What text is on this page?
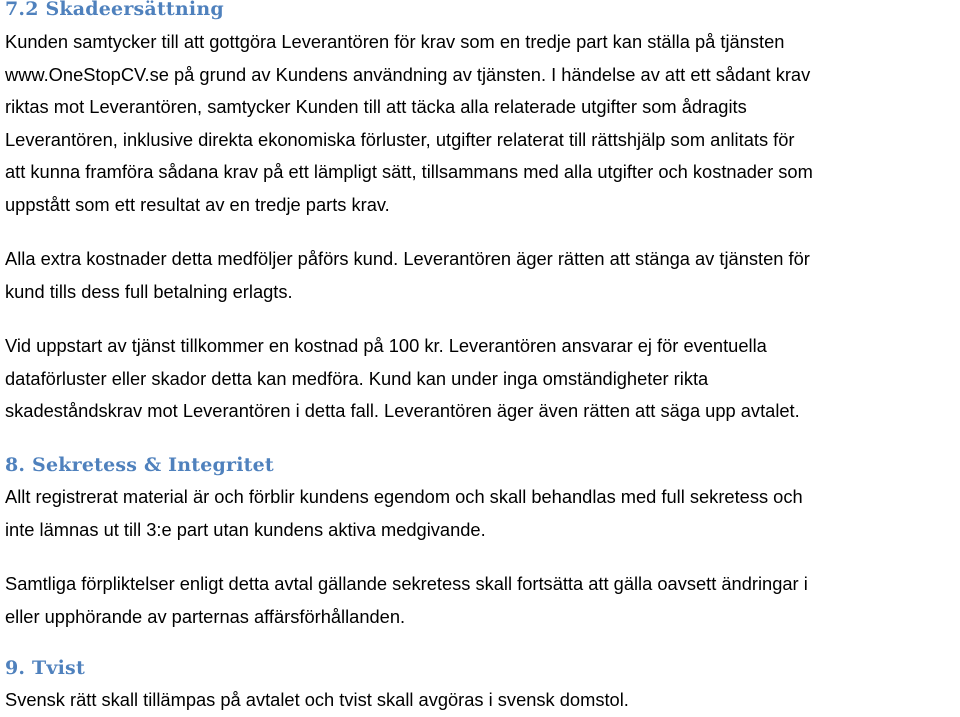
7.2 Skadeersättning
Kunden samtycker till att gottgöra Leverantören för krav som en tredje part kan ställa på tjänsten
www.OneStopCV.se på grund av Kundens användning av tjänsten. I händelse av att ett sådant krav
riktas mot Leverantören, samtycker Kunden till att täcka alla relaterade utgifter som ådragits
Leverantören, inklusive direkta ekonomiska förluster, utgifter relaterat till rättshjälp som anlitats för
att kunna framföra sådana krav på ett lämpligt sätt, tillsammans med alla utgifter och kostnader som
uppstått som ett resultat av en tredje parts krav.
Alla extra kostnader detta medföljer påförs kund. Leverantören äger rätten att stänga av tjänsten för
kund tills dess full betalning erlagts.
Vid uppstart av tjänst tillkommer en kostnad på 100 kr. Leverantören ansvarar ej för eventuella
dataförluster eller skador detta kan medföra. Kund kan under inga omständigheter rikta
skadeståndskrav mot Leverantören i detta fall. Leverantören äger även rätten att säga upp avtalet.
8. Sekretess & Integritet
Allt registrerat material är och förblir kundens egendom och skall behandlas med full sekretess och
inte lämnas ut till 3:e part utan kundens aktiva medgivande.
Samtliga förpliktelser enligt detta avtal gällande sekretess skall fortsätta att gälla oavsett ändringar i
eller upphörande av parternas affärsförhållanden.
9. Tvist
Svensk rätt skall tillämpas på avtalet och tvist skall avgöras i svensk domstol.
